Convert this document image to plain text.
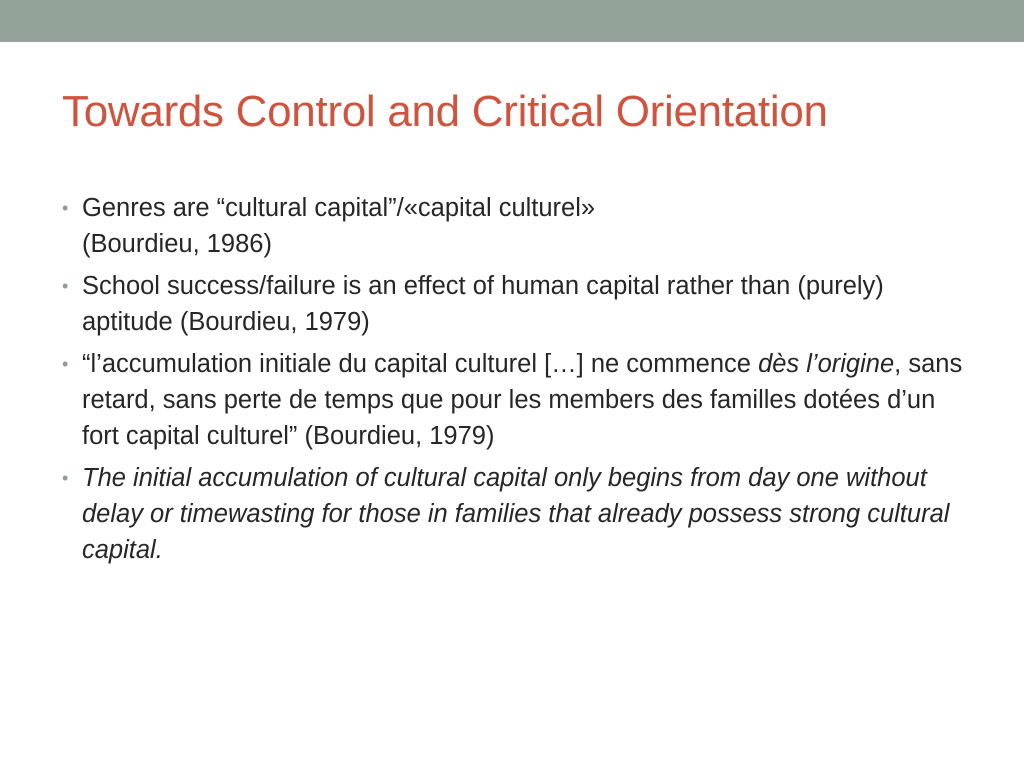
Towards Control and Critical Orientation
• Genres are “cultural capital”/«capital culturel»
(Bourdieu, 1986)
• School success/failure is an effect of human capital rather than (purely) aptitude (Bourdieu, 1979)
• “l’accumulation initiale du capital culturel […] ne commence dès l’origine, sans retard, sans perte de temps que pour les members des familles dotées d’un fort capital culturel” (Bourdieu, 1979)
• The initial accumulation of cultural capital only begins from day one without delay or timewasting for those in families that already possess strong cultural capital.
